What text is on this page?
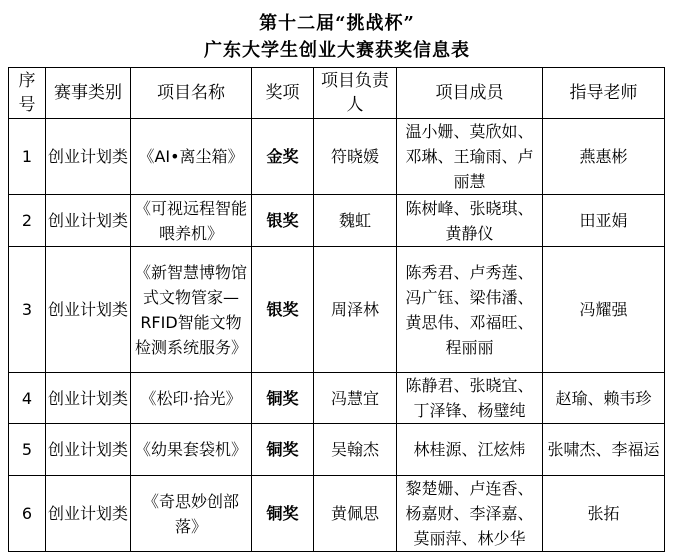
第十二届“挑战杯”
广东大学生创业大赛获奖信息表
序号	赛事类别	项目名称	奖项	项目负责人	项目成员	指导老师
1	创业计划类	《AI•离尘箱》	金奖	符晓媛	温小姗、莫欣如、邓琳、王瑜雨、卢丽慧	燕惠彬
2	创业计划类	《可视远程智能喂养机》	银奖	魏虹	陈树峰、张晓琪、黄静仪	田亚娟
3	创业计划类	《新智慧博物馆式文物管家—RFID智能文物检测系统服务》	银奖	周泽林	陈秀君、卢秀莲、冯广钰、梁伟潘、黄思伟、邓福旺、程丽丽	冯耀强
4	创业计划类	《松印·拾光》	铜奖	冯慧宜	陈静君、张晓宜、丁泽锋、杨璧纯	赵瑜、赖韦珍
5	创业计划类	《幼果套袋机》	铜奖	吴翰杰	林桂源、江炫炜	张啸杰、李福运
6	创业计划类	《奇思妙创部落》	铜奖	黄佩思	黎楚姗、卢连香、杨嘉财、李泽嘉、莫丽萍、林少华	张拓
